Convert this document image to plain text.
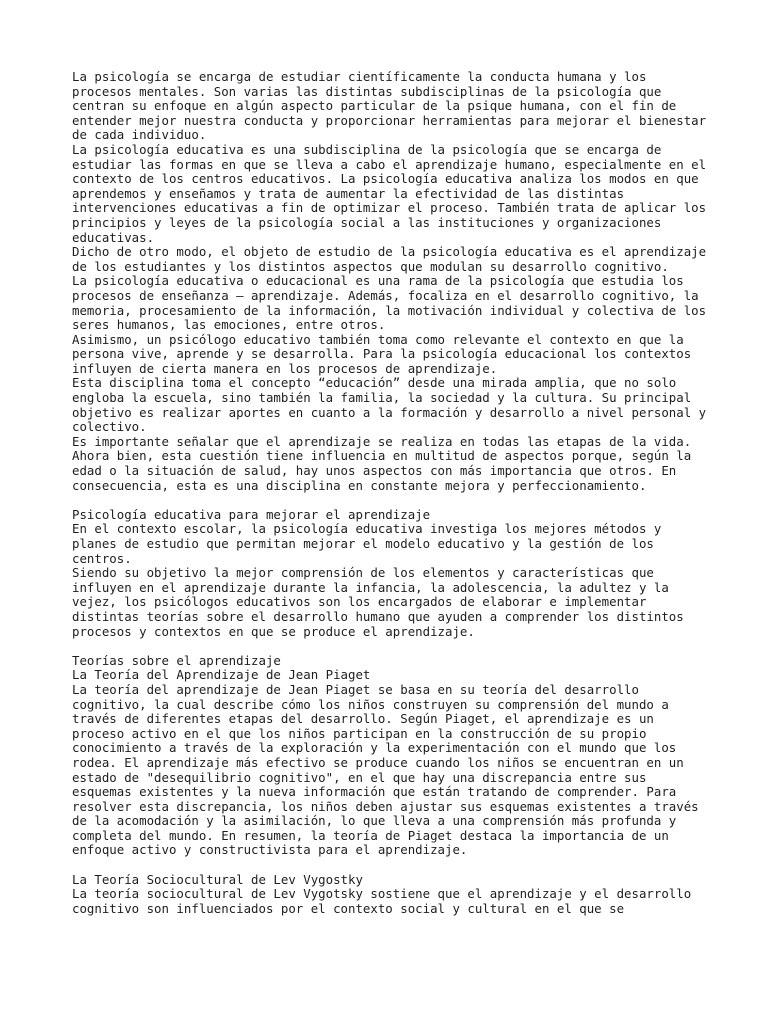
La psicología se encarga de estudiar científicamente la conducta humana y los procesos mentales. Son varias las distintas subdisciplinas de la psicología que centran su enfoque en algún aspecto particular de la psique humana, con el fin de entender mejor nuestra conducta y proporcionar herramientas para mejorar el bienestar de cada individuo.

La psicología educativa es una subdisciplina de la psicología que se encarga de estudiar las formas en que se lleva a cabo el aprendizaje humano, especialmente en el contexto de los centros educativos. La psicología educativa analiza los modos en que aprendemos y enseñamos y trata de aumentar la efectividad de las distintas intervenciones educativas a fin de optimizar el proceso. También trata de aplicar los principios y leyes de la psicología social a las instituciones y organizaciones educativas.

Dicho de otro modo, el objeto de estudio de la psicología educativa es el aprendizaje de los estudiantes y los distintos aspectos que modulan su desarrollo cognitivo.

La psicología educativa o educacional es una rama de la psicología que estudia los procesos de enseñanza – aprendizaje. Además, focaliza en el desarrollo cognitivo, la memoria, procesamiento de la información, la motivación individual y colectiva de los seres humanos, las emociones, entre otros.

Asimismo, un psicólogo educativo también toma como relevante el contexto en que la persona vive, aprende y se desarrolla. Para la psicología educacional los contextos influyen de cierta manera en los procesos de aprendizaje.

Esta disciplina toma el concepto “educación” desde una mirada amplia, que no solo engloba la escuela, sino también la familia, la sociedad y la cultura. Su principal objetivo es realizar aportes en cuanto a la formación y desarrollo a nivel personal y colectivo.

Es importante señalar que el aprendizaje se realiza en todas las etapas de la vida. Ahora bien, esta cuestión tiene influencia en multitud de aspectos porque, según la edad o la situación de salud, hay unos aspectos con más importancia que otros. En consecuencia, esta es una disciplina en constante mejora y perfeccionamiento.

Psicología educativa para mejorar el aprendizaje

En el contexto escolar, la psicología educativa investiga los mejores métodos y planes de estudio que permitan mejorar el modelo educativo y la gestión de los centros.

Siendo su objetivo la mejor comprensión de los elementos y características que influyen en el aprendizaje durante la infancia, la adolescencia, la adultez y la vejez, los psicólogos educativos son los encargados de elaborar e implementar distintas teorías sobre el desarrollo humano que ayuden a comprender los distintos procesos y contextos en que se produce el aprendizaje.

Teorías sobre el aprendizaje

La Teoría del Aprendizaje de Jean Piaget

La teoría del aprendizaje de Jean Piaget se basa en su teoría del desarrollo cognitivo, la cual describe cómo los niños construyen su comprensión del mundo a través de diferentes etapas del desarrollo. Según Piaget, el aprendizaje es un proceso activo en el que los niños participan en la construcción de su propio conocimiento a través de la exploración y la experimentación con el mundo que los rodea. El aprendizaje más efectivo se produce cuando los niños se encuentran en un estado de "desequilibrio cognitivo", en el que hay una discrepancia entre sus esquemas existentes y la nueva información que están tratando de comprender. Para resolver esta discrepancia, los niños deben ajustar sus esquemas existentes a través de la acomodación y la asimilación, lo que lleva a una comprensión más profunda y completa del mundo. En resumen, la teoría de Piaget destaca la importancia de un enfoque activo y constructivista para el aprendizaje.

La Teoría Sociocultural de Lev Vygostky

La teoría sociocultural de Lev Vygotsky sostiene que el aprendizaje y el desarrollo cognitivo son influenciados por el contexto social y cultural en el que se
